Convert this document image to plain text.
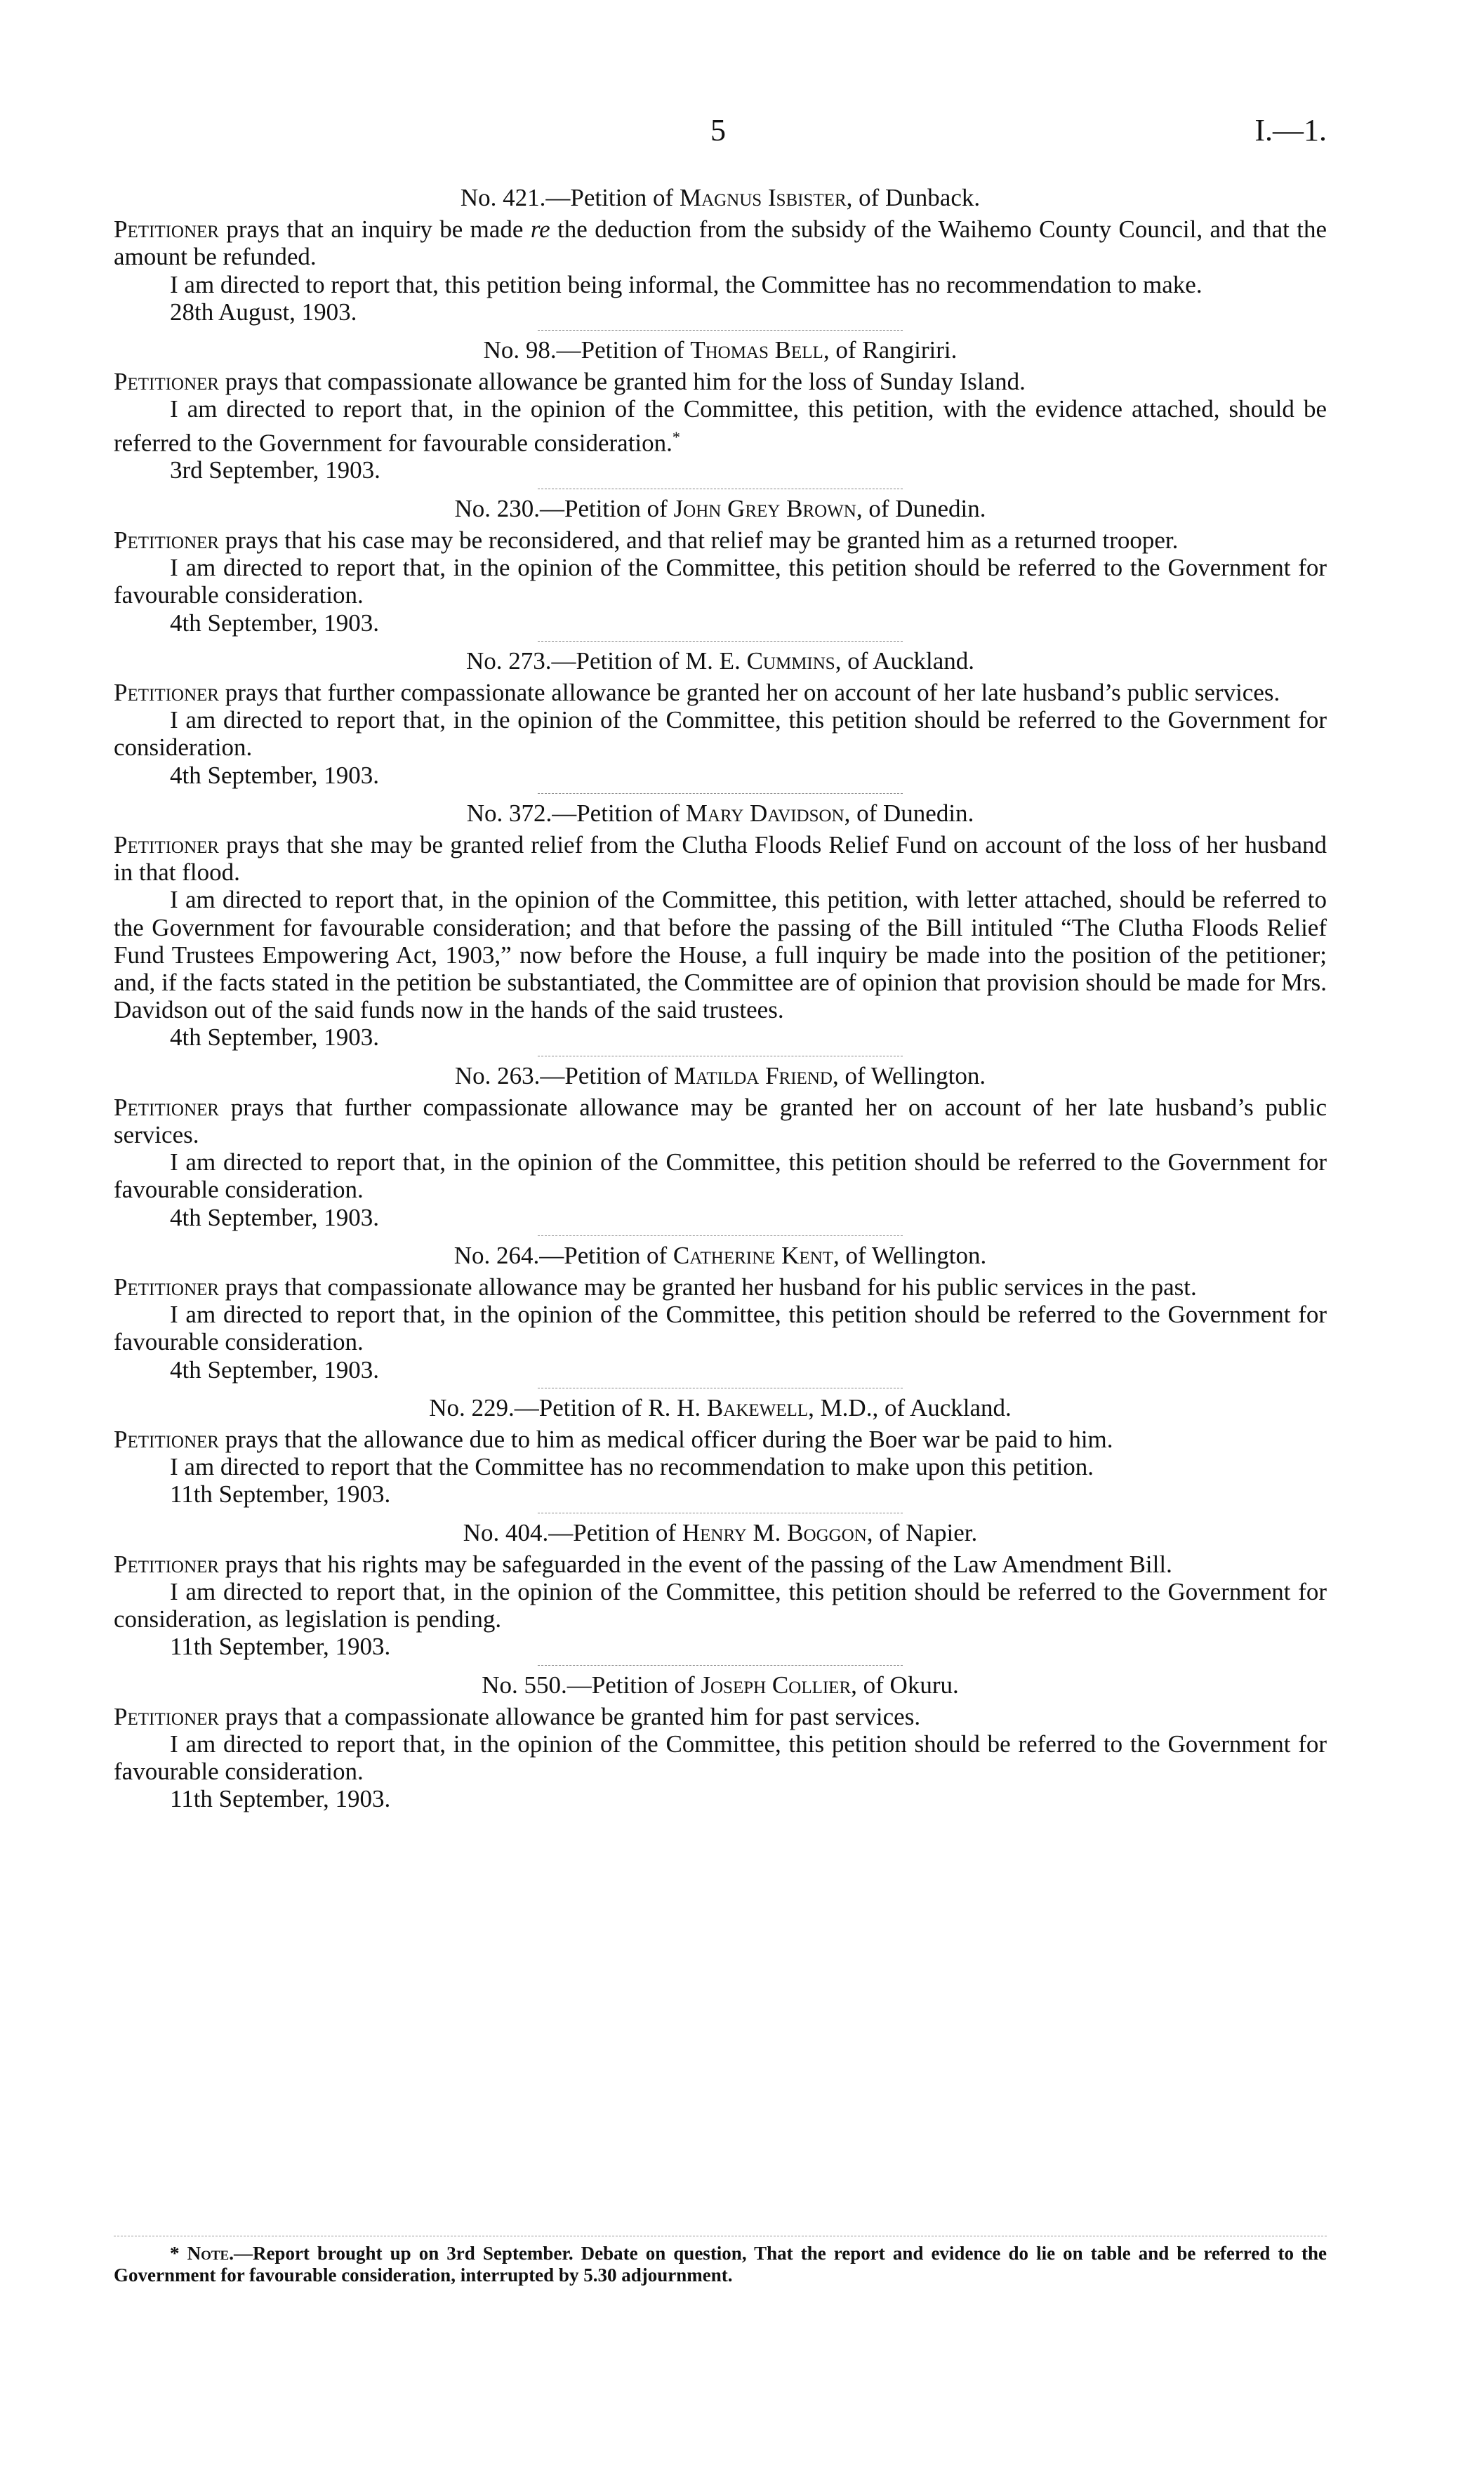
5	I.—1.
No. 421.—Petition of Magnus Isbister, of Dunback.

Petitioner prays that an inquiry be made re the deduction from the subsidy of the Waihemo County Council, and that the amount be refunded.

I am directed to report that, this petition being informal, the Committee has no recommendation to make.

28th August, 1903.

No. 98.—Petition of Thomas Bell, of Rangiriri.

Petitioner prays that compassionate allowance be granted him for the loss of Sunday Island.

I am directed to report that, in the opinion of the Committee, this petition, with the evidence attached, should be referred to the Government for favourable consideration.*

3rd September, 1903.

No. 230.—Petition of John Grey Brown, of Dunedin.

Petitioner prays that his case may be reconsidered, and that relief may be granted him as a returned trooper.

I am directed to report that, in the opinion of the Committee, this petition should be referred to the Government for favourable consideration.

4th September, 1903.

No. 273.—Petition of M. E. Cummins, of Auckland.

Petitioner prays that further compassionate allowance be granted her on account of her late husband’s public services.

I am directed to report that, in the opinion of the Committee, this petition should be referred to the Government for consideration.

4th September, 1903.

No. 372.—Petition of Mary Davidson, of Dunedin.

Petitioner prays that she may be granted relief from the Clutha Floods Relief Fund on account of the loss of her husband in that flood.

I am directed to report that, in the opinion of the Committee, this petition, with letter attached, should be referred to the Government for favourable consideration; and that before the passing of the Bill intituled “The Clutha Floods Relief Fund Trustees Empowering Act, 1903,” now before the House, a full inquiry be made into the position of the petitioner; and, if the facts stated in the petition be substantiated, the Committee are of opinion that provision should be made for Mrs. Davidson out of the said funds now in the hands of the said trustees.

4th September, 1903.

No. 263.—Petition of Matilda Friend, of Wellington.

Petitioner prays that further compassionate allowance may be granted her on account of her late husband’s public services.

I am directed to report that, in the opinion of the Committee, this petition should be referred to the Government for favourable consideration.

4th September, 1903.

No. 264.—Petition of Catherine Kent, of Wellington.

Petitioner prays that compassionate allowance may be granted her husband for his public services in the past.

I am directed to report that, in the opinion of the Committee, this petition should be referred to the Government for favourable consideration.

4th September, 1903.

No. 229.—Petition of R. H. Bakewell, M.D., of Auckland.

Petitioner prays that the allowance due to him as medical officer during the Boer war be paid to him.

I am directed to report that the Committee has no recommendation to make upon this petition.

11th September, 1903.

No. 404.—Petition of Henry M. Boggon, of Napier.

Petitioner prays that his rights may be safeguarded in the event of the passing of the Law Amendment Bill.

I am directed to report that, in the opinion of the Committee, this petition should be referred to the Government for consideration, as legislation is pending.

11th September, 1903.

No. 550.—Petition of Joseph Collier, of Okuru.

Petitioner prays that a compassionate allowance be granted him for past services.

I am directed to report that, in the opinion of the Committee, this petition should be referred to the Government for favourable consideration.

11th September, 1903.

* Note.—Report brought up on 3rd September. Debate on question, That the report and evidence do lie on table and be referred to the Government for favourable consideration, interrupted by 5.30 adjournment.
